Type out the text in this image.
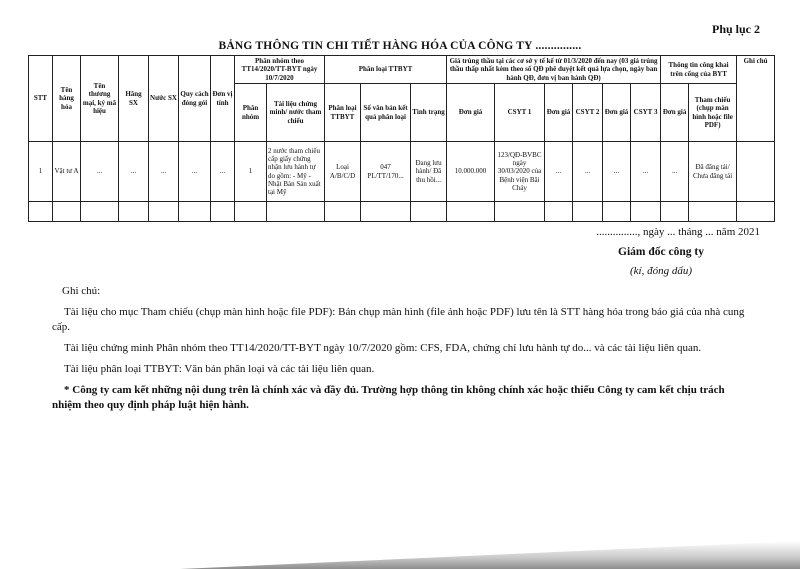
Phụ lục 2
BẢNG THÔNG TIN CHI TIẾT HÀNG HÓA CỦA CÔNG TY ...............
STT	Tên hàng hóa	Tên thương mại, ký mã hiệu	Hãng SX	Nước SX	Quy cách đóng gói	Đơn vị tính	Phân nhóm theo TT14/2020/TT-BYT ngày 10/7/2020		Phân loại TTBYT			Giá trúng thầu tại các cơ sở y tế kể từ 01/3/2020 đến nay (03 giá trúng thầu thấp nhất kèm theo số QĐ phê duyệt kết quả lựa chọn, ngày ban hành QĐ, đơn vị ban hành QĐ)						Thông tin công khai trên cổng của BYT		Ghi chú
							Phân nhóm	Tài liệu chứng minh/ nước tham chiếu	Phân loại TTBYT	Số văn bản kết quả phân loại	Tình trạng	Đơn giá	CSYT 1	Đơn giá	CSYT 2	Đơn giá	CSYT 3	Đơn giá	Tham chiếu (chụp màn hình hoặc file PDF)	
1	Vật tư A	...	...	...	...	...	1	2 nước tham chiếu cấp giấy chứng nhận lưu hành tự do gồm: - Mỹ - Nhật Bản Sản xuất tại Mỹ	Loại A/B/C/D	047 PL/TT/170...	Đang lưu hành/ Đã thu hồi...	10.000.000	123/QĐ-BVBC ngày 30/03/2020 của Bệnh viện Bãi Cháy	...	...	...	...	...	Đã đăng tải/ Chưa đăng tải	

..............., ngày ... tháng ... năm 2021
Giám đốc công ty
(kí, đóng dấu)

Ghi chú:

Tài liệu cho mục Tham chiếu (chụp màn hình hoặc file PDF): Bản chụp màn hình (file ảnh hoặc PDF) lưu tên là STT hàng hóa trong báo giá của nhà cung cấp.

Tài liệu chứng minh Phân nhóm theo TT14/2020/TT-BYT ngày 10/7/2020 gồm: CFS, FDA, chứng chỉ lưu hành tự do... và các tài liệu liên quan.

Tài liệu phân loại TTBYT: Văn bản phân loại và các tài liệu liên quan.

* Công ty cam kết những nội dung trên là chính xác và đầy đủ. Trường hợp thông tin không chính xác hoặc thiếu Công ty cam kết chịu trách nhiệm theo quy định pháp luật hiện hành.
